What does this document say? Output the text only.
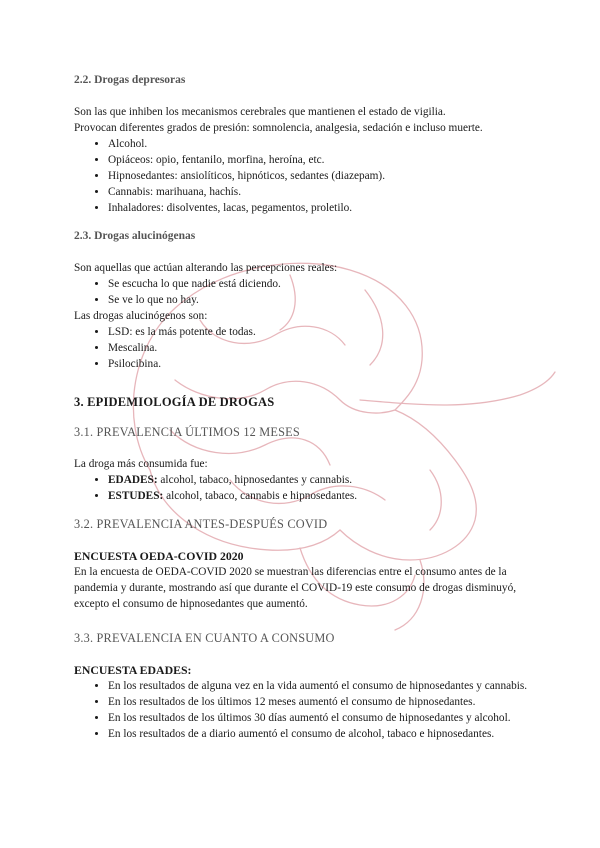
2.2. Drogas depresoras

Son las que inhiben los mecanismos cerebrales que mantienen el estado de vigilia.

Provocan diferentes grados de presión: somnolencia, analgesia, sedación e incluso muerte.

• Alcohol.
• Opiáceos: opio, fentanilo, morfina, heroína, etc.
• Hipnosedantes: ansiolíticos, hipnóticos, sedantes (diazepam).
• Cannabis: marihuana, hachís.
• Inhaladores: disolventes, lacas, pegamentos, proletilo.
2.3. Drogas alucinógenas

Son aquellas que actúan alterando las percepciones reales:

• Se escucha lo que nadie está diciendo.
• Se ve lo que no hay.

Las drogas alucinógenos son:

• LSD: es la más potente de todas.
• Mescalina.
• Psilocibina.
3. EPIDEMIOLOGÍA DE DROGAS
3.1. PREVALENCIA ÚLTIMOS 12 MESES

La droga más consumida fue:

• EDADES: alcohol, tabaco, hipnosedantes y cannabis.
• ESTUDES: alcohol, tabaco, cannabis e hipnosedantes.
3.2. PREVALENCIA ANTES-DESPUÉS COVID
ENCUESTA OEDA-COVID 2020

En la encuesta de OEDA-COVID 2020 se muestran las diferencias entre el consumo antes de la pandemia y durante, mostrando así que durante el COVID-19 este consumo de drogas disminuyó, excepto el consumo de hipnosedantes que aumentó.

3.3. PREVALENCIA EN CUANTO A CONSUMO
ENCUESTA EDADES:
• En los resultados de alguna vez en la vida aumentó el consumo de hipnosedantes y cannabis.
• En los resultados de los últimos 12 meses aumentó el consumo de hipnosedantes.
• En los resultados de los últimos 30 días aumentó el consumo de hipnosedantes y alcohol.
• En los resultados de a diario aumentó el consumo de alcohol, tabaco e hipnosedantes.
